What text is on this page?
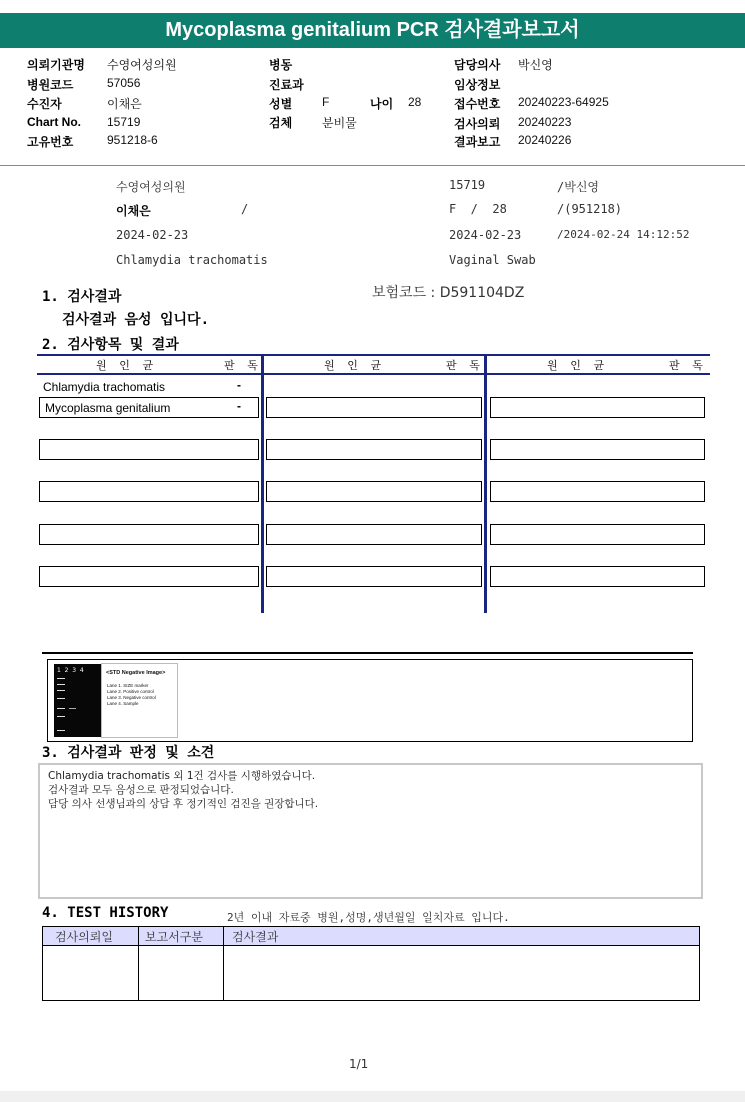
Mycoplasma genitalium PCR 검사결과보고서
의뢰기관명 수영여성의원
병원코드	57056
수진자	이채은
Chart No. 15719
고유번호	951218-6
병동
진료과
성별 F	나이 28
검체 분비물
담당의사 박신영
임상정보
접수번호 20240223-64925
검사의뢰 20240223
결과보고 20240226
수영여성의원	15719	/박신영
이채은	/	F  /  28	/(951218)
2024-02-23	2024-02-23	/2024-02-24 14:12:52
Chlamydia trachomatis	Vaginal Swab
1. 검사결과
검사결과 음성 입니다.
보험코드 : D591104DZ
2. 검사항목 및 결과
원 인 균	판 독	원 인 균	판 독	원 인 균	판 독
Chlamydia trachomatis	-
Mycoplasma genitalium	-
1  2  3  4	<STD Negative Image>
Lane 1. SIZE marker
Lane 2. Positive control
Lane 3. Negative control
Lane 4. Sample
3. 검사결과 판정 및 소견
Chlamydia trachomatis 외 1건 검사를 시행하였습니다.
검사결과 모두 음성으로 판정되었습니다.
담당 의사 선생님과의 상담 후 정기적인 검진을 권장합니다.
4. TEST HISTORY	2년 이내 자료중 병원,성명,생년월일 일치자료 입니다.
검사의뢰일	보고서구분	검사결과

1/1
